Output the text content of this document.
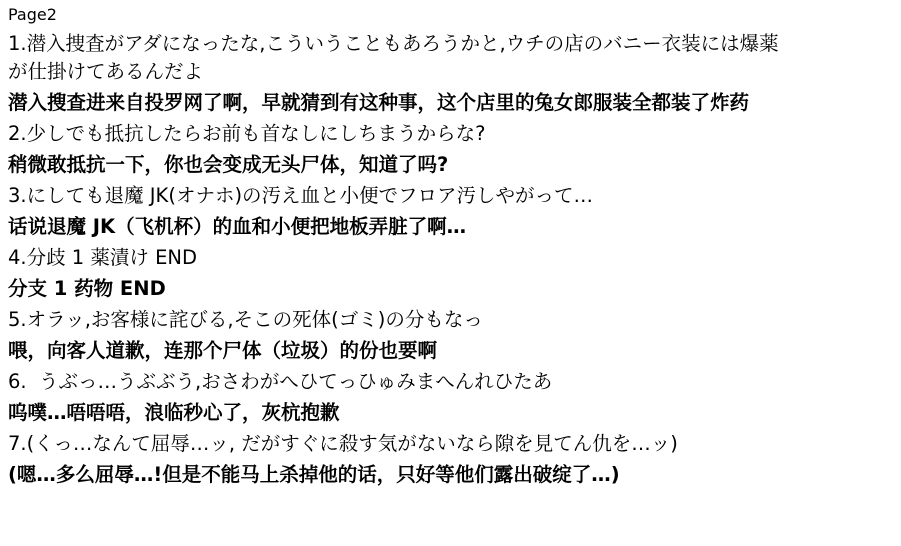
Page2
1.潜入捜査がアダになったな,こういうこともあろうかと,ウチの店のバニー衣装には爆薬
が仕掛けてあるんだよ
潜入搜查进来自投罗网了啊，早就猜到有这种事，这个店里的兔女郎服装全都装了炸药
2.少しでも抵抗したらお前も首なしにしちまうからな?
稍微敢抵抗一下，你也会变成无头尸体，知道了吗?
3.にしても退魔 JK(オナホ)の汚え血と小便でフロア汚しやがって…
话说退魔 JK（飞机杯）的血和小便把地板弄脏了啊…
4.分歧 1 薬漬け END
分支 1 药物 END
5.オラッ,お客様に詫びる,そこの死体(ゴミ)の分もなっ
喂，向客人道歉，连那个尸体（垃圾）的份也要啊
6.  うぶっ…うぶぶう,おさわがへひてっひゅみまへんれひたあ
呜噗…唔唔唔，浪临秒心了，灰杭抱歉
7.(くっ…なんて屈辱…ッ, だがすぐに殺す気がないなら隙を見てん仇を…ッ)
(嗯…多么屈辱…!但是不能马上杀掉他的话，只好等他们露出破绽了…)
